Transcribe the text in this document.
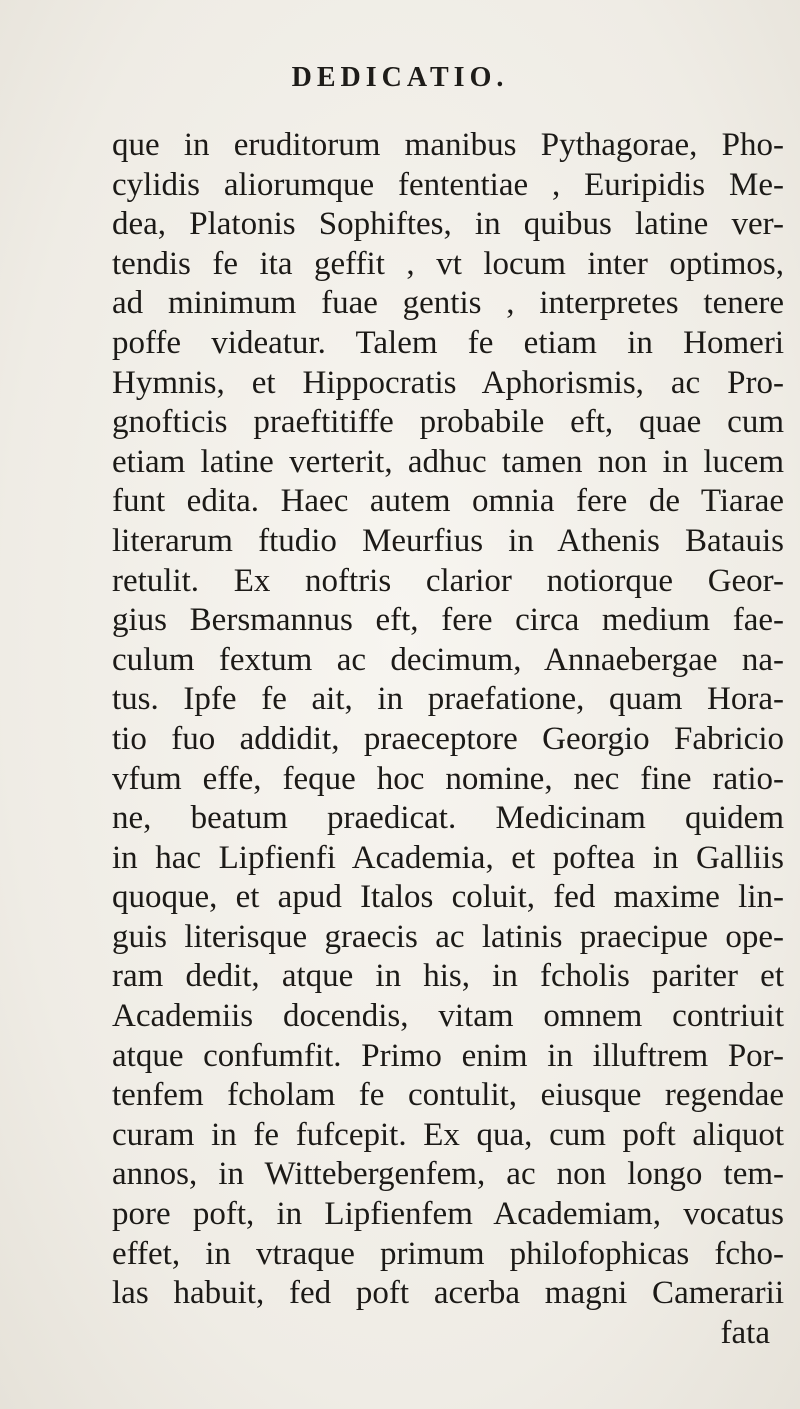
DEDICATIO.
que in eruditorum manibus Pythagorae, Pho-
cylidis aliorumque fententiae , Euripidis Me-
dea, Platonis Sophiftes, in quibus latine ver-
tendis fe ita geffit , vt locum inter optimos,
ad minimum fuae gentis , interpretes tenere
poffe videatur. Talem fe etiam in Homeri
Hymnis, et Hippocratis Aphorismis, ac Pro-
gnofticis praeftitiffe probabile eft, quae cum
etiam latine verterit, adhuc tamen non in lucem
funt edita. Haec autem omnia fere de Tiarae
literarum ftudio Meurfius in Athenis Batauis
retulit. Ex noftris clarior notiorque Geor-
gius Bersmannus eft, fere circa medium fae-
culum fextum ac decimum, Annaebergae na-
tus. Ipfe fe ait, in praefatione, quam Hora-
tio fuo addidit, praeceptore Georgio Fabricio
vfum effe, feque hoc nomine, nec fine ratio-
ne, beatum praedicat. Medicinam quidem
in hac Lipfienfi Academia, et poftea in Galliis
quoque, et apud Italos coluit, fed maxime lin-
guis literisque graecis ac latinis praecipue ope-
ram dedit, atque in his, in fcholis pariter et
Academiis docendis, vitam omnem contriuit
atque confumfit. Primo enim in illuftrem Por-
tenfem fcholam fe contulit, eiusque regendae
curam in fe fufcepit. Ex qua, cum poft aliquot
annos, in Wittebergenfem, ac non longo tem-
pore poft, in Lipfienfem Academiam, vocatus
effet, in vtraque primum philofophicas fcho-
las habuit, fed poft acerba magni Camerarii
fata
